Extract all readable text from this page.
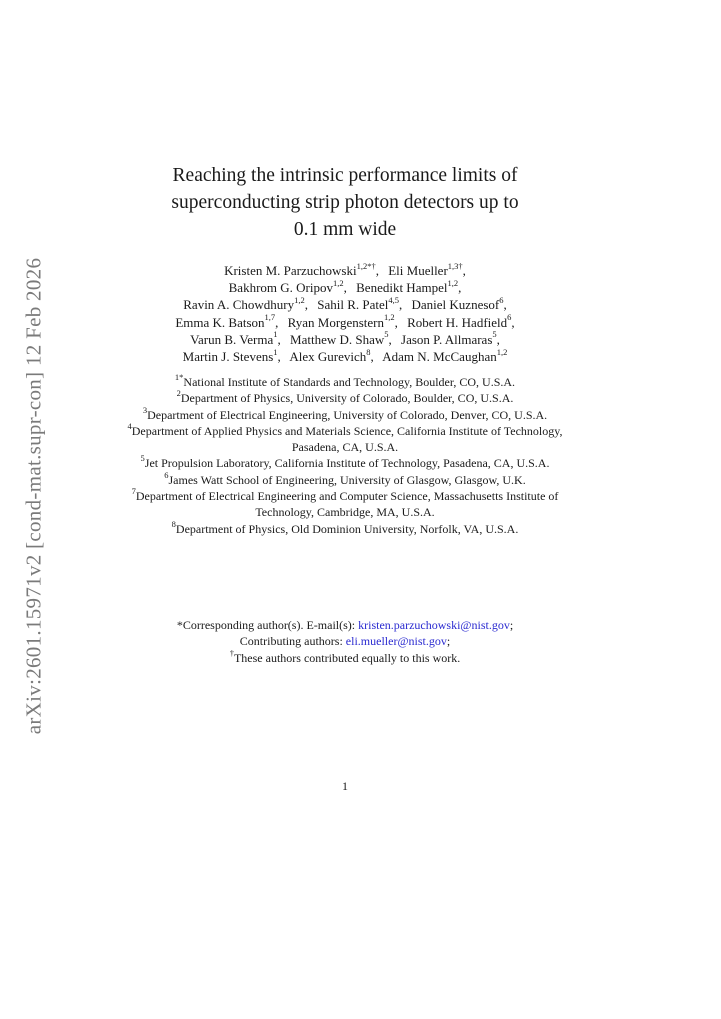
arXiv:2601.15971v2 [cond-mat.supr-con] 12 Feb 2026
Reaching the intrinsic performance limits of
superconducting strip photon detectors up to
0.1 mm wide
Kristen M. Parzuchowski$^{1,2*\dagger}$, Eli Mueller$^{1,3\dagger}$,
Bakhrom G. Oripov$^{1,2}$, Benedikt Hampel$^{1,2}$,
Ravin A. Chowdhury$^{1,2}$, Sahil R. Patel$^{4,5}$, Daniel Kuznesof$^6$,
Emma K. Batson$^{1,7}$, Ryan Morgenstern$^{1,2}$, Robert H. Hadfield$^6$,
Varun B. Verma$^1$, Matthew D. Shaw$^5$, Jason P. Allmaras$^5$,
Martin J. Stevens$^1$, Alex Gurevich$^8$, Adam N. McCaughan$^{1,2}$
$^{1*}$National Institute of Standards and Technology, Boulder, CO, U.S.A.
$^2$Department of Physics, University of Colorado, Boulder, CO, U.S.A.
$^3$Department of Electrical Engineering, University of Colorado, Denver, CO, U.S.A.
$^4$Department of Applied Physics and Materials Science, California Institute of Technology, Pasadena, CA, U.S.A.
$^5$Jet Propulsion Laboratory, California Institute of Technology, Pasadena, CA, U.S.A.
$^6$James Watt School of Engineering, University of Glasgow, Glasgow, U.K.
$^7$Department of Electrical Engineering and Computer Science, Massachusetts Institute of Technology, Cambridge, MA, U.S.A.
$^8$Department of Physics, Old Dominion University, Norfolk, VA, U.S.A.
*Corresponding author(s). E-mail(s): kristen.parzuchowski@nist.gov;
Contributing authors: eli.mueller@nist.gov;
†These authors contributed equally to this work.
1
